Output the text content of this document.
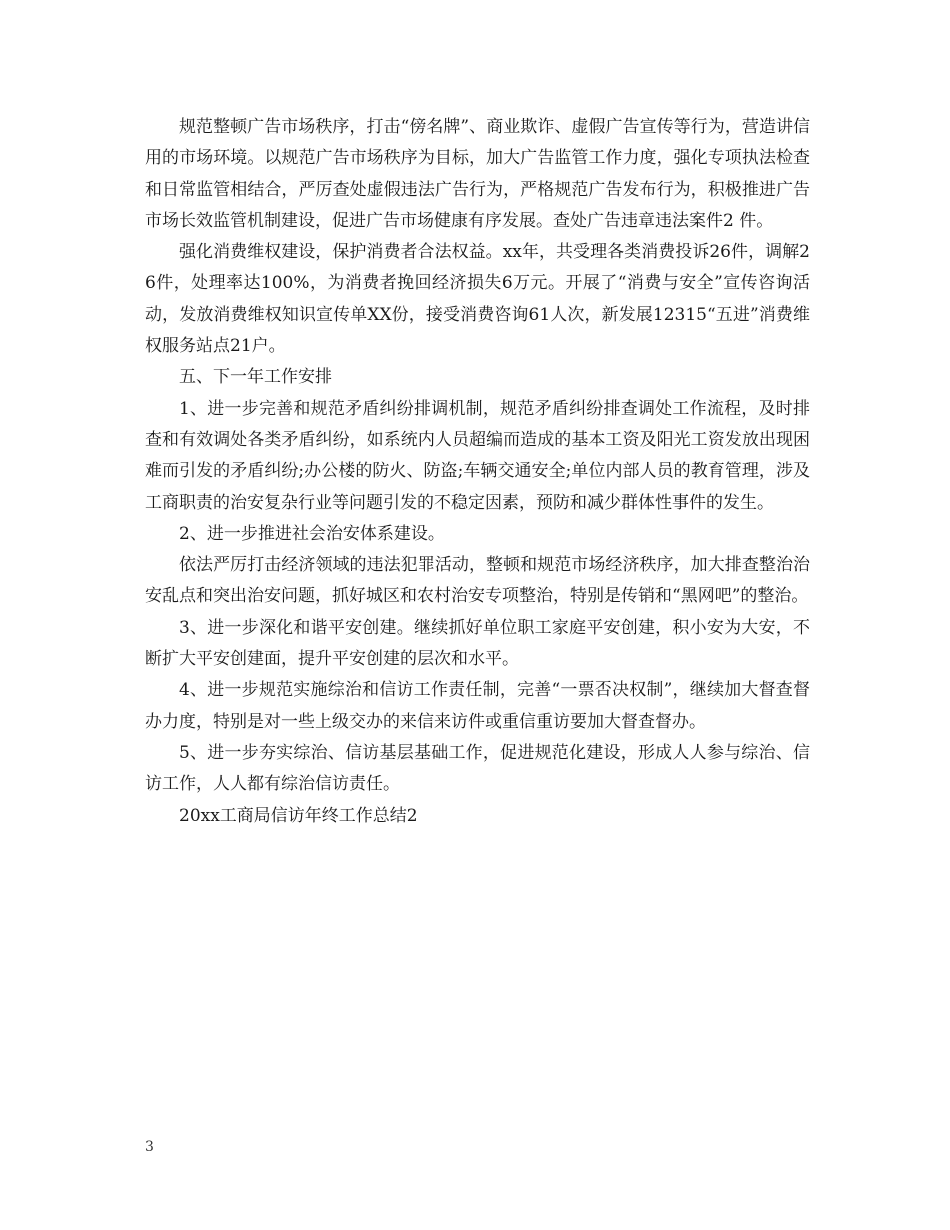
规范整顿广告市场秩序，打击“傍名牌”、商业欺诈、虚假广告宣传等行为，营造讲信用的市场环境。以规范广告市场秩序为目标，加大广告监管工作力度，强化专项执法检查和日常监管相结合，严厉查处虚假违法广告行为，严格规范广告发布行为，积极推进广告市场长效监管机制建设，促进广告市场健康有序发展。查处广告违章违法案件2 件。

强化消费维权建设，保护消费者合法权益。xx年，共受理各类消费投诉26件，调解26件，处理率达100%，为消费者挽回经济损失6万元。开展了“消费与安全”宣传咨询活动，发放消费维权知识宣传单XX份，接受消费咨询61人次，新发展12315“五进”消费维权服务站点21户。

五、下一年工作安排

1、进一步完善和规范矛盾纠纷排调机制，规范矛盾纠纷排查调处工作流程，及时排查和有效调处各类矛盾纠纷，如系统内人员超编而造成的基本工资及阳光工资发放出现困难而引发的矛盾纠纷;办公楼的防火、防盗;车辆交通安全;单位内部人员的教育管理，涉及工商职责的治安复杂行业等问题引发的不稳定因素，预防和减少群体性事件的发生。

2、进一步推进社会治安体系建设。

依法严厉打击经济领域的违法犯罪活动，整顿和规范市场经济秩序，加大排查整治治安乱点和突出治安问题，抓好城区和农村治安专项整治，特别是传销和“黑网吧”的整治。

3、进一步深化和谐平安创建。继续抓好单位职工家庭平安创建，积小安为大安，不断扩大平安创建面，提升平安创建的层次和水平。

4、进一步规范实施综治和信访工作责任制，完善“一票否决权制”，继续加大督查督办力度，特别是对一些上级交办的来信来访件或重信重访要加大督查督办。

5、进一步夯实综治、信访基层基础工作，促进规范化建设，形成人人参与综治、信访工作，人人都有综治信访责任。

20xx工商局信访年终工作总结2

3
